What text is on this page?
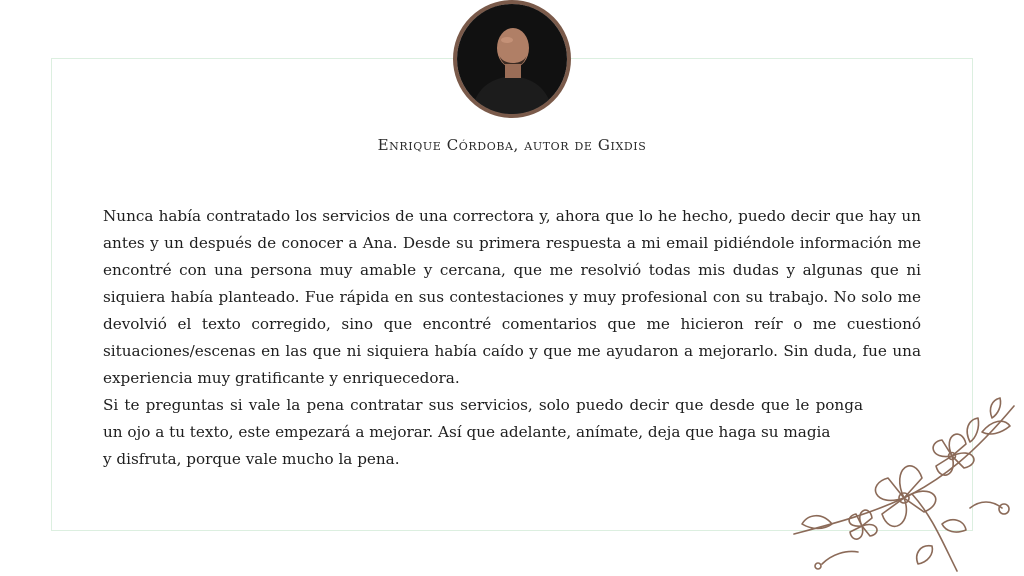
Enrique Córdoba, autor de Gixdis

Nunca había contratado los servicios de una correctora y, ahora que lo he hecho, puedo decir que hay un antes y un después de conocer a Ana. Desde su primera respuesta a mi email pidiéndole información me encontré con una persona muy amable y cercana, que me resolvió todas mis dudas y algunas que ni siquiera había planteado. Fue rápida en sus contestaciones y muy profesional con su trabajo. No solo me devolvió el texto corregido, sino que encontré comentarios que me hicieron reír o me cuestionó situaciones/escenas en las que ni siquiera había caído y que me ayudaron a mejorarlo. Sin duda, fue una experiencia muy gratificante y enriquecedora.

Si te preguntas si vale la pena contratar sus servicios, solo puedo decir que desde que le ponga un ojo a tu texto, este empezará a mejorar. Así que adelante, anímate, deja que haga su magia

y disfruta, porque vale mucho la pena.
